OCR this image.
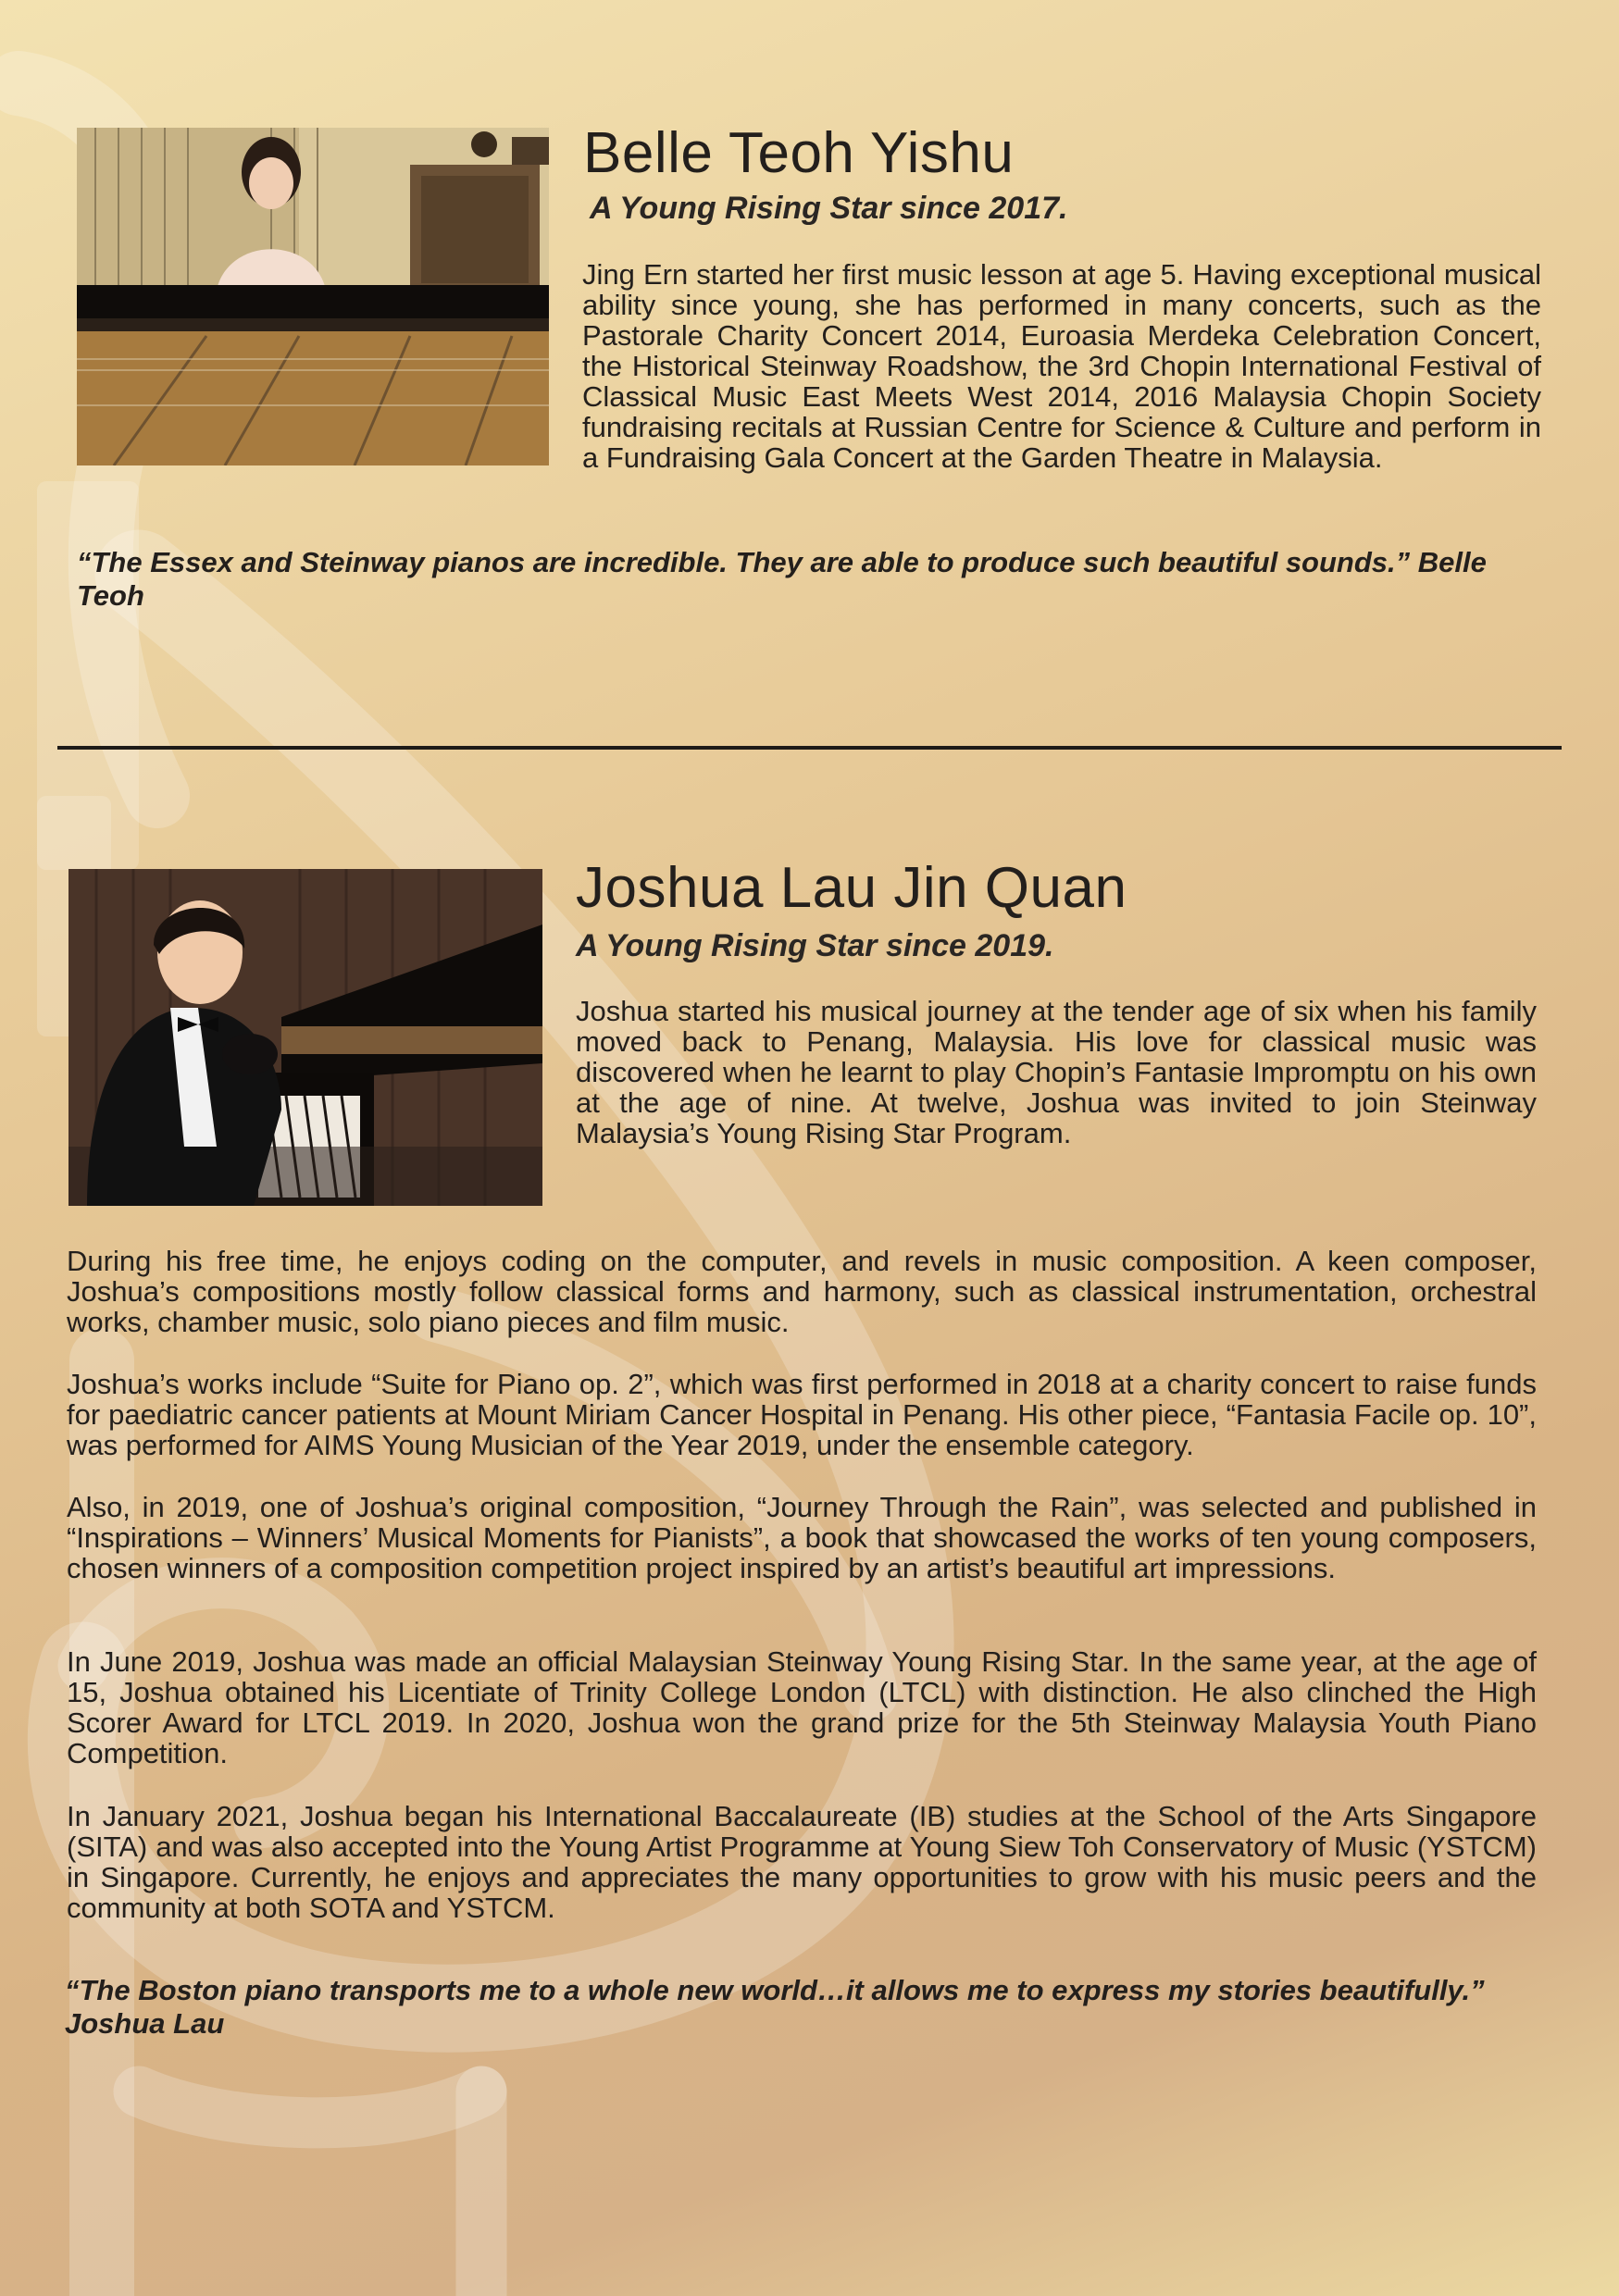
Belle Teoh Yishu

A Young Rising Star since 2017.

Jing Ern started her first music lesson at age 5. Having exceptional musical ability since young, she has performed in many concerts, such as the Pastorale Charity Concert 2014, Euroasia Merdeka Celebration Concert, the Historical Steinway Roadshow, the 3rd Chopin International Festival of Classical Music East Meets West 2014, 2016 Malaysia Chopin Society fundraising recitals at Russian Centre for Science & Culture and perform in a Fundraising Gala Concert at the Garden Theatre in Malaysia.

“The Essex and Steinway pianos are incredible. They are able to produce such beautiful sounds.” Belle Teoh

Joshua Lau Jin Quan

A Young Rising Star since 2019.

Joshua started his musical journey at the tender age of six when his family moved back to Penang, Malaysia. His love for classical music was discovered when he learnt to play Chopin’s Fantasie Impromptu on his own at the age of nine. At twelve, Joshua was invited to join Steinway Malaysia’s Young Rising Star Program.

During his free time, he enjoys coding on the computer, and revels in music composition. A keen composer, Joshua’s compositions mostly follow classical forms and harmony, such as classical instrumentation, orchestral works, chamber music, solo piano pieces and film music.

Joshua’s works include “Suite for Piano op. 2”, which was first performed in 2018 at a charity concert to raise funds for paediatric cancer patients at Mount Miriam Cancer Hospital in Penang. His other piece, “Fantasia Facile op. 10”, was performed for AIMS Young Musician of the Year 2019, under the ensemble category.

Also, in 2019, one of Joshua’s original composition, “Journey Through the Rain”, was selected and published in “Inspirations – Winners’ Musical Moments for Pianists”, a book that showcased the works of ten young composers, chosen winners of a composition competition project inspired by an artist’s beautiful art impressions.

In June 2019, Joshua was made an official Malaysian Steinway Young Rising Star. In the same year, at the age of 15, Joshua obtained his Licentiate of Trinity College London (LTCL) with distinction. He also clinched the High Scorer Award for LTCL 2019. In 2020, Joshua won the grand prize for the 5th Steinway Malaysia Youth Piano Competition.

In January 2021, Joshua began his International Baccalaureate (IB) studies at the School of the Arts Singapore (SITA) and was also accepted into the Young Artist Programme at Young Siew Toh Conservatory of Music (YSTCM) in Singapore. Currently, he enjoys and appreciates the many opportunities to grow with his music peers and the community at both SOTA and YSTCM.

“The Boston piano transports me to a whole new world…it allows me to express my stories beautifully.” Joshua Lau
